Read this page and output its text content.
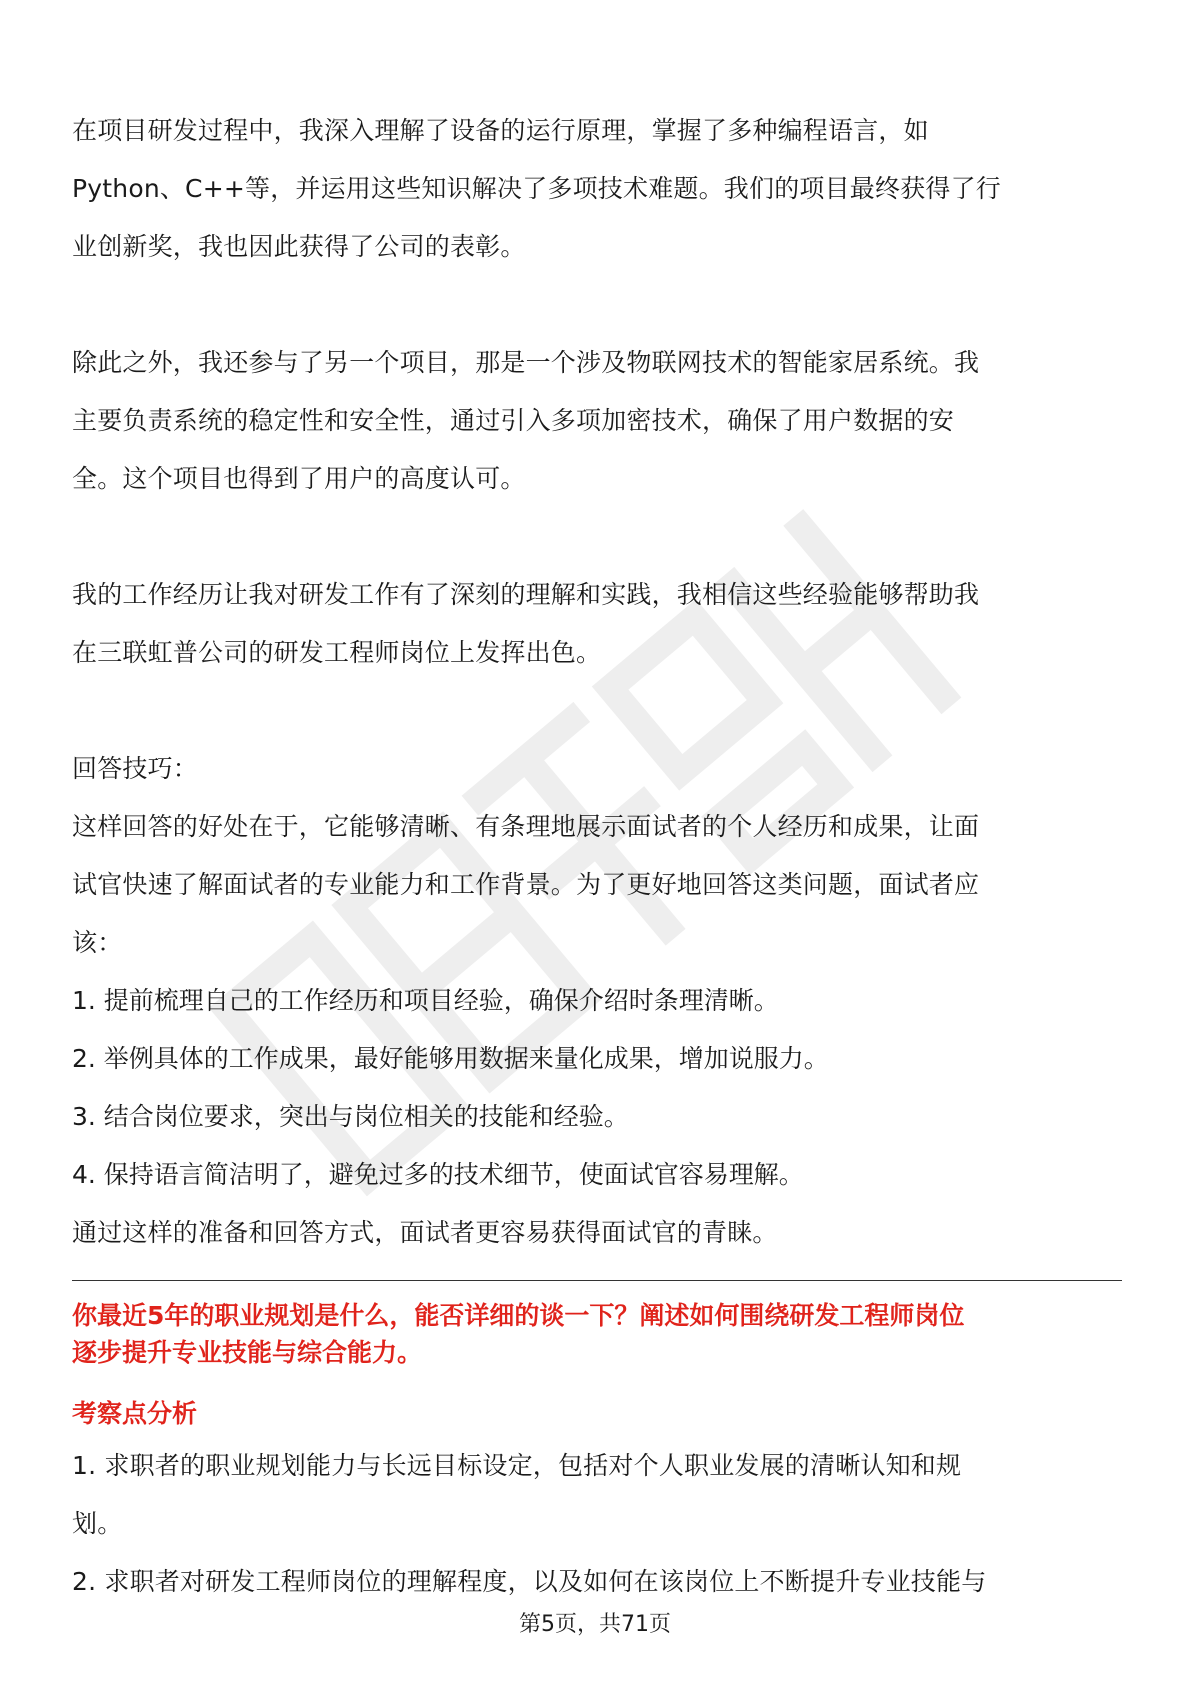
在项目研发过程中，我深入理解了设备的运行原理，掌握了多种编程语言，如

Python、C++等，并运用这些知识解决了多项技术难题。我们的项目最终获得了行

业创新奖，我也因此获得了公司的表彰。

除此之外，我还参与了另一个项目，那是一个涉及物联网技术的智能家居系统。我

主要负责系统的稳定性和安全性，通过引入多项加密技术，确保了用户数据的安

全。这个项目也得到了用户的高度认可。

我的工作经历让我对研发工作有了深刻的理解和实践，我相信这些经验能够帮助我

在三联虹普公司的研发工程师岗位上发挥出色。

回答技巧：

这样回答的好处在于，它能够清晰、有条理地展示面试者的个人经历和成果，让面

试官快速了解面试者的专业能力和工作背景。为了更好地回答这类问题，面试者应

该：

1. 提前梳理自己的工作经历和项目经验，确保介绍时条理清晰。

2. 举例具体的工作成果，最好能够用数据来量化成果，增加说服力。

3. 结合岗位要求，突出与岗位相关的技能和经验。

4. 保持语言简洁明了，避免过多的技术细节，使面试官容易理解。

通过这样的准备和回答方式，面试者更容易获得面试官的青睐。

你最近5年的职业规划是什么，能否详细的谈一下？阐述如何围绕研发工程师岗位
逐步提升专业技能与综合能力。
考察点分析

1. 求职者的职业规划能力与长远目标设定，包括对个人职业发展的清晰认知和规

划。

2. 求职者对研发工程师岗位的理解程度，以及如何在该岗位上不断提升专业技能与

第5页，共71页
